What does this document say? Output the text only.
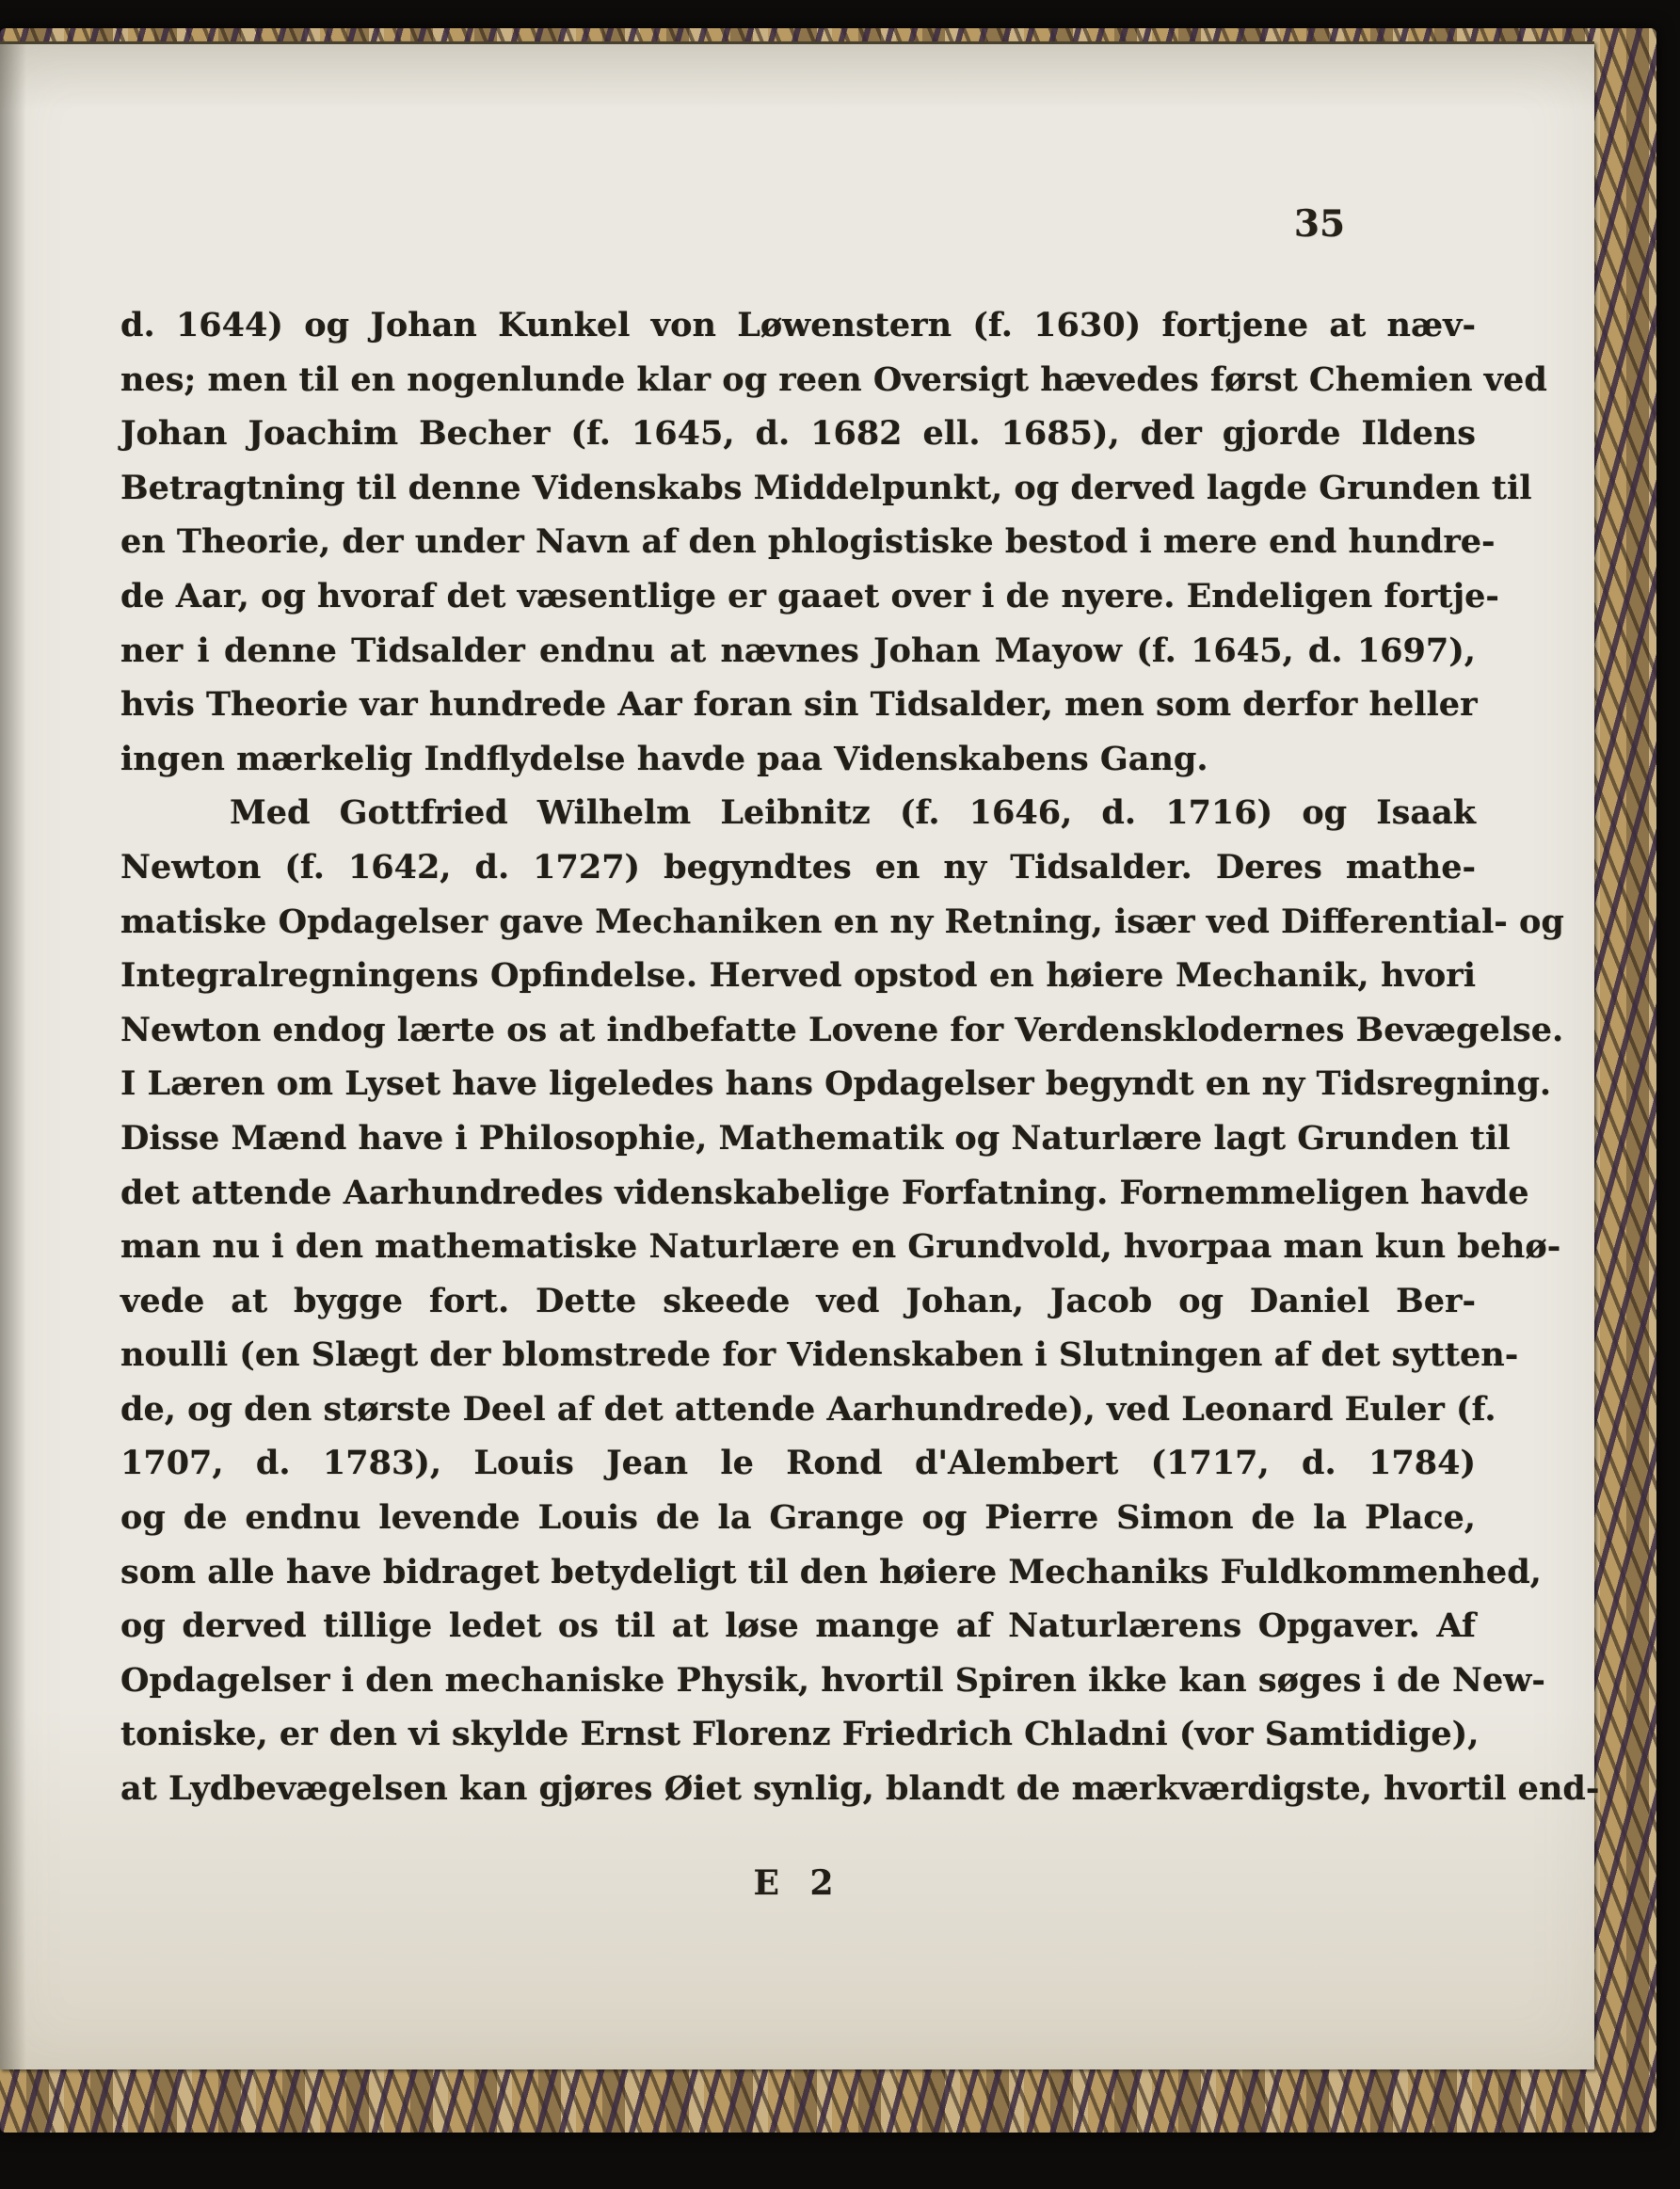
35
d. 1644) og Johan Kunkel von Løwenstern (f. 1630) fortjene at næv-
nes; men til en nogenlunde klar og reen Oversigt hævedes først Chemien ved
Johan Joachim Becher (f. 1645, d. 1682 ell. 1685), der gjorde Ildens
Betragtning til denne Videnskabs Middelpunkt, og derved lagde Grunden til
en Theorie, der under Navn af den phlogistiske bestod i mere end hundre-
de Aar, og hvoraf det væsentlige er gaaet over i de nyere. Endeligen fortje-
ner i denne Tidsalder endnu at nævnes Johan Mayow (f. 1645, d. 1697),
hvis Theorie var hundrede Aar foran sin Tidsalder, men som derfor heller
ingen mærkelig Indflydelse havde paa Videnskabens Gang.
Med Gottfried Wilhelm Leibnitz (f. 1646, d. 1716) og Isaak
Newton (f. 1642, d. 1727) begyndtes en ny Tidsalder. Deres mathe-
matiske Opdagelser gave Mechaniken en ny Retning, især ved Differential- og
Integralregningens Opfindelse. Herved opstod en høiere Mechanik, hvori
Newton endog lærte os at indbefatte Lovene for Verdensklodernes Bevægelse.
I Læren om Lyset have ligeledes hans Opdagelser begyndt en ny Tidsregning.
Disse Mænd have i Philosophie, Mathematik og Naturlære lagt Grunden til
det attende Aarhundredes videnskabelige Forfatning. Fornemmeligen havde
man nu i den mathematiske Naturlære en Grundvold, hvorpaa man kun behø-
vede at bygge fort. Dette skeede ved Johan, Jacob og Daniel Ber-
noulli (en Slægt der blomstrede for Videnskaben i Slutningen af det sytten-
de, og den største Deel af det attende Aarhundrede), ved Leonard Euler (f.
1707, d. 1783), Louis Jean le Rond d'Alembert (1717, d. 1784)
og de endnu levende Louis de la Grange og Pierre Simon de la Place,
som alle have bidraget betydeligt til den høiere Mechaniks Fuldkommenhed,
og derved tillige ledet os til at løse mange af Naturlærens Opgaver. Af
Opdagelser i den mechaniske Physik, hvortil Spiren ikke kan søges i de New-
toniske, er den vi skylde Ernst Florenz Friedrich Chladni (vor Samtidige),
at Lydbevægelsen kan gjøres Øiet synlig, blandt de mærkværdigste, hvortil end-
E 2
